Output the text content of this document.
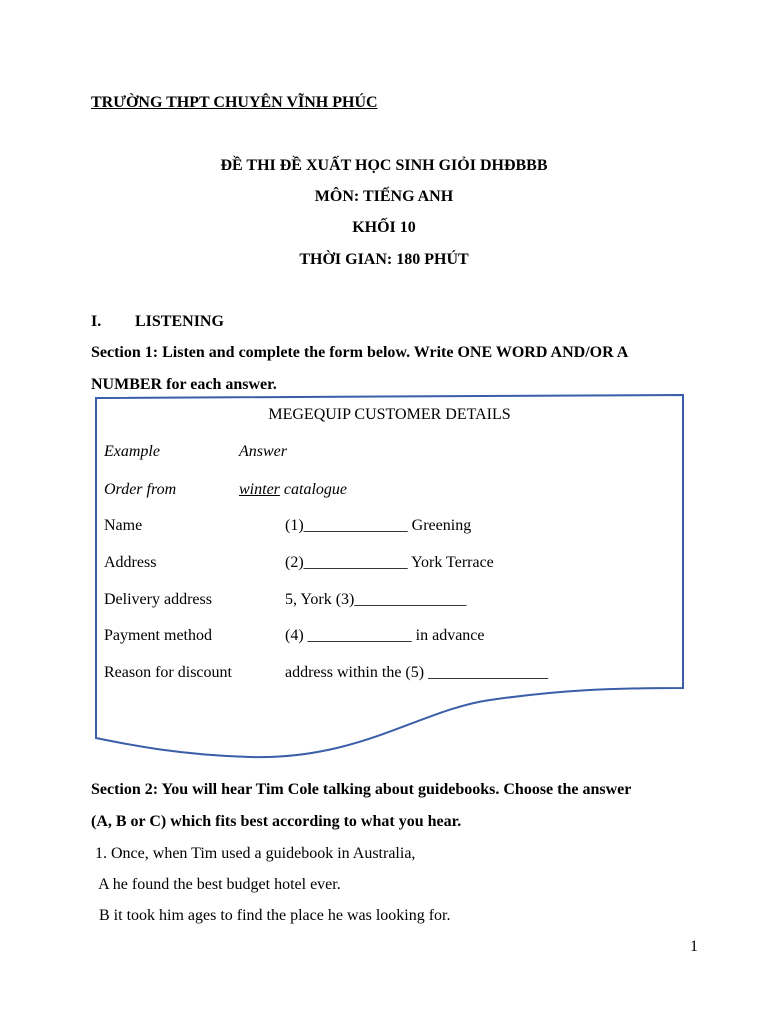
TRƯỜNG THPT CHUYÊN VĨNH PHÚC
ĐỀ THI ĐỀ XUẤT HỌC SINH GIỎI DHĐBBB
MÔN: TIẾNG ANH
KHỐI 10
THỜI GIAN: 180 PHÚT
I. LISTENING
Section 1: Listen and complete the form below. Write ONE WORD AND/OR A
NUMBER for each answer.
MEGEQUIP CUSTOMER DETAILS
Example	Answer
Order from	winter catalogue
Name	(1)_____________ Greening
Address	(2)_____________ York Terrace
Delivery address	5, York (3)______________
Payment method	(4) _____________ in advance
Reason for discount	address within the (5) _______________
Section 2: You will hear Tim Cole talking about guidebooks. Choose the answer
(A, B or C) which fits best according to what you hear.
1. Once, when Tim used a guidebook in Australia,
A he found the best budget hotel ever.
B it took him ages to find the place he was looking for.
1
